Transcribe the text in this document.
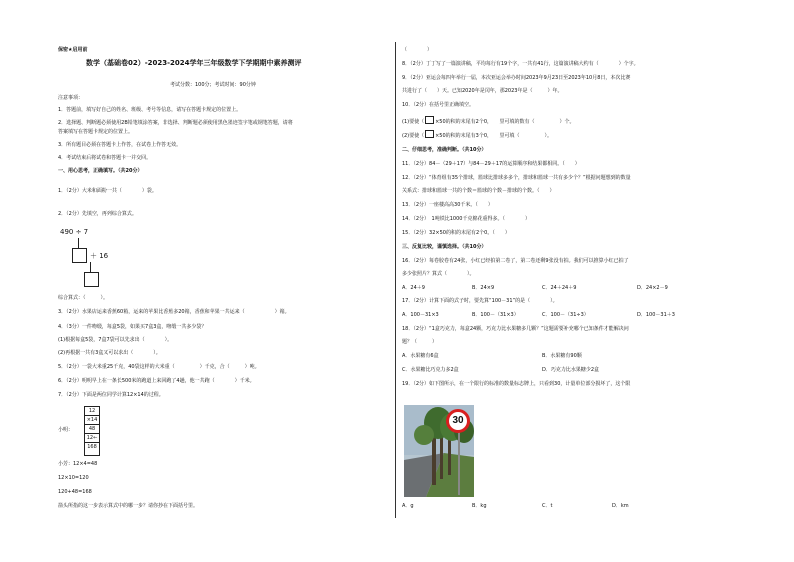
保密★启用前
数学（基础卷02）-2023-2024学年三年级数学下学期期中素养测评
考试分数：100分；考试时间：90分钟
注意事项：
1．答题前，填写好自己的姓名、班级、考号等信息，请写在答题卡规定的位置上。
2．选择题、判断题必须使用2B铅笔填涂答案，非选择、判断题必须使用黑色墨迹签字笔或钢笔答题，请将
答案填写在答题卡规定的位置上。
3．所有题目必须在答题卡上作答，在试卷上作答无效。
4．考试结束后将试卷和答题卡一并交回。
一、用心思考，正确填写。（共20分）
1．（2分）大米和面粉一共（　　　　）袋。
2．（2分）先填空，再列综合算式。
490 ÷ 7
＋ 16
综合算式：（　　　）。
3．（2分）水果店运来香蕉60箱，运来的苹果比香蕉多20箱，香蕉和苹果一共运来（　　　　　　）箱。
4．（3分）一件吻缎，每盒5袋，如果买7盒3盒，吻缎一共多少袋？
(1)根据每盒5袋，7盒7袋可以先求出（　　　　）。
(2)再根据一共有3盒又可以求出（　　　　）。
5．（2分）一袋大米重25千克，40袋这样的大米重（　　　　　）千克，合（　　　）吨。
6．（2分）明明早上在一条长500米的跑道上来回跑了4趟，他一共跑（　　　　）千米。
7．（2分）下面是两位同学计算12×14的过程。
小明：
12
×14
48
12←
168
小芳：12×4=48
12×10=120
120+48=168
箭头所指的这一步表示算式中的哪一步？请你抄在下面括号里。
（　　　　）
8．（2分）丁丁写了一篇演讲稿，平均每行有19个字，一共有41行，这篇演讲稿大约有（　　　　）个字。
9．（2分）亚运会每四年举行一届，本次亚运会举办时间2023年9月23日至2023年10月8日，本次比赛
共进行了（　　）天。已知2020年是闰年，那2023年是（　　　）年。
10．（2分）在括号里正确填空。
(1)要使（ ×50的积的末尾有2个0，　　里可填的数有（　　　　　）个。
(2)要使（ ×50的积的末尾有3个0，　　里可填（　　　　　）。
二、仔细思考，准确判断。（共10分）
11．（2分）84－（29＋17）与84－29＋17的运算顺序和结果都相同。（　　）
12．（2分）“体育组有35个排球，篮球比排球多多个，排球和篮球一共有多少个？”根据问题想到的数量
关系式：排球和篮球一共的个数＝篮球的个数－排球的个数。（　　）
13．（2分）一座楼高高30千米。（　　）
14．（2分）　1吨铁比1000千克棉花重得多。（　　　　）
15．（2分）32×50的积的末尾有2个0。（　　）
三、反复比较，谨慎选择。（共10分）
16．（2分）每卷胶卷有24张，小红已经拍第二卷了，第二卷还剩9张没有拍。我们可以推算小红已拍了
多少张照片？算式（　　　　）。
A．24＋9	B．24×9	C．24＋24＋9	D．24×2－9
17．（2分）计算下面的式子时，要先算“100－31”的是（　　　　）。
A．100－31×3	B．100－（31×3）	C．100－（31÷3）	D．100－31＋3
18．（2分）“1盒巧克力，每盒24颗，巧克力比水果糖多几颗？”这题需要补充哪个已知条件才能解决问
题？（　　　）
A．水果糖有6盒	B．水果糖有90颗
C．水果糖比巧克力多2盒	D．巧克力比水果糖少2盒
19．（2分）如下图所示，在一个限行的标准的数量标志牌上，只看到30，计量单位部分损坏了，这个限
30
A．g	B．kg	C．t	D．km
